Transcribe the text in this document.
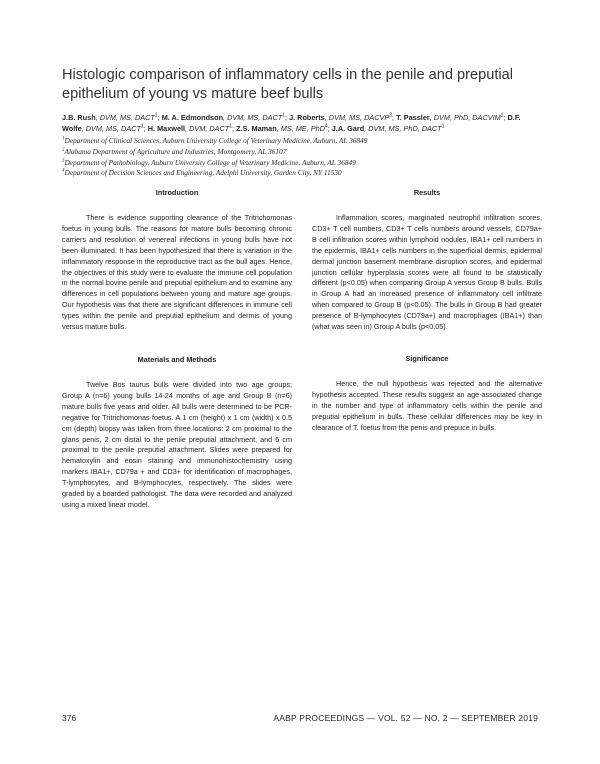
Histologic comparison of inflammatory cells in the penile and preputial epithelium of young vs mature beef bulls
J.B. Rush, DVM, MS, DACT$^1$; M. A. Edmondson, DVM, MS, DACT$^1$; J. Roberts, DVM, MS, DACVP$^3$; T. Passler, DVM, PhD, DACVIM$^1$; D.F. Wolfe, DVM, MS, DACT$^1$; H. Maxwell, DVM, DACT$^1$; Z.S. Maman, MS, ME, PhD$^4$; J.A. Gard, DVM, MS, PhD, DACT$^1$
$^1$Department of Clinical Sciences, Auburn University College of Veterinary Medicine, Auburn, AL 36849
$^2$Alabama Department of Agriculture and Industries, Montgomery, AL 36107
$^3$Department of Pathobiology, Auburn University College of Veterinary Medicine, Auburn, AL 36849
$^4$Department of Decision Sciences and Engineering, Adelphi University, Garden City, NY 11530
Introduction

There is evidence supporting clearance of the Tritrichomonas foetus in young bulls. The reasons for mature bulls becoming chronic carriers and resolution of venereal infections in young bulls have not been illuminated. It has been hypothesized that there is variation in the inflammatory response in the reproductive tract as the bull ages. Hence, the objectives of this study were to evaluate the immune cell population in the normal bovine penile and preputial epithelium and to examine any differences in cell populations between young and mature age groups. Our hypothesis was that there are significant differences in immune cell types within the penile and preputial epithelium and dermis of young versus mature bulls.

Materials and Methods

Twelve Bos taurus bulls were divided into two age groups; Group A (n=6) young bulls 14-24 months of age and Group B (n=6) mature bulls five years and older. All bulls were determined to be PCR-negative for Tritrichomonas foetus. A 1 cm (height) x 1 cm (width) x 0.5 cm (depth) biopsy was taken from three locations: 2 cm proximal to the glans penis, 2 cm distal to the penile preputial attachment, and 6 cm proximal to the penile preputial attachment. Slides were prepared for hematoxylin and eosin staining and immunohistochemistry using markers IBA1+, CD79a + and CD3+ for identification of macrophages, T-lymphocytes, and B-lymphocytes, respectively. The slides were graded by a boarded pathologist. The data were recorded and analyzed using a mixed linear model.

Results

Inflammation scores, marginated neutrophil infiltration scores, CD3+ T cell numbers, CD3+ T cells numbers around vessels, CD79a+ B cell infiltration scores within lymphoid nodules, IBA1+ cell numbers in the epidermis, IBA1+ cells numbers in the superficial dermis, epidermal dermal junction basement membrane disruption scores, and epidermal junction cellular hyperplasia scores were all found to be statistically different (p<0.05) when comparing Group A versus Group B bulls. Bulls in Group A had an increased presence of inflammatory cell infiltrate when compared to Group B (p<0.05). The bulls in Group B had greater presence of B-lymphocytes (CD79a+) and macrophages (IBA1+) than (what was seen in) Group A bulls (p<0.05).

Significance

Hence, the null hypothesis was rejected and the alternative hypothesis accepted. These results suggest an age-associated change in the number and type of inflammatory cells within the penile and preputial epithelium in bulls. These cellular differences may be key in clearance of T. foetus from the penis and prepuce in bulls.

376	AABP PROCEEDINGS — VOL. 52 — NO. 2 — SEPTEMBER 2019
